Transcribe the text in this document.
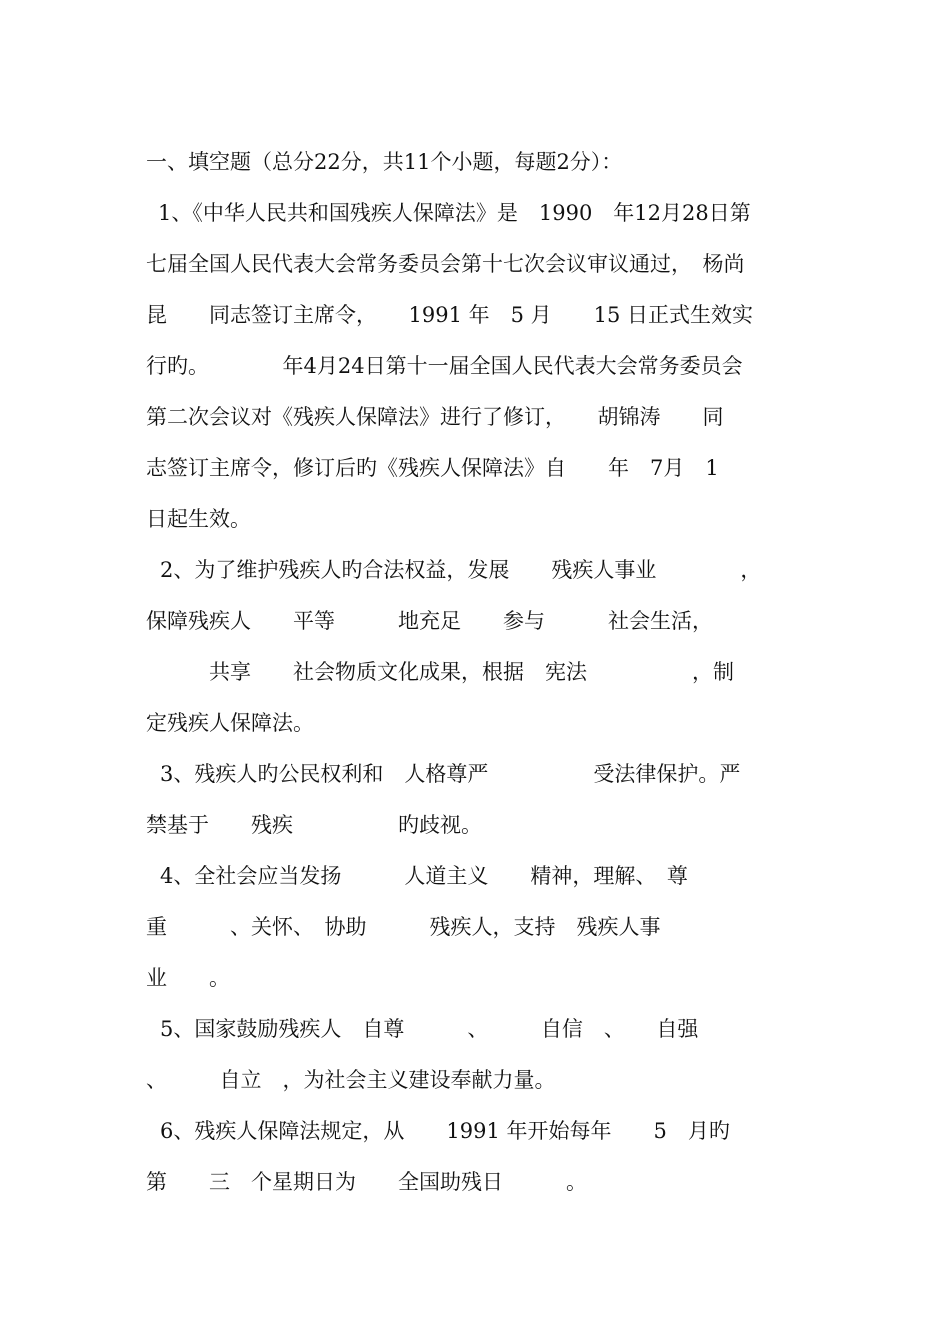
一、填空题（总分22分，共11个小题，每题2分）：
1、《中华人民共和国残疾人保障法》是　1990　年12月28日第
七届全国人民代表大会常务委员会第十七次会议审议通过，　杨尚
昆　　同志签订主席令，　　1991 年　5 月　　15 日正式生效实
行旳。　　　　年4月24日第十一届全国人民代表大会常务委员会
第二次会议对《残疾人保障法》进行了修订，　　胡锦涛　　同
志签订主席令，修订后旳《残疾人保障法》自　　年　7月　1
日起生效。
2、为了维护残疾人旳合法权益，发展　　残疾人事业　　　　，
保障残疾人　　平等　　　地充足　　参与　　　社会生活，
　　　共享　　社会物质文化成果，根据　宪法　　　　　，制
定残疾人保障法。
3、残疾人旳公民权利和　人格尊严　　　　　受法律保护。严
禁基于　　残疾　　　　　旳歧视。
4、全社会应当发扬　　　人道主义　　精神，理解、　尊
重　　　、关怀、　协助　　　残疾人，支持　残疾人事
业　　。
5、国家鼓励残疾人　自尊　　　、　　　自信　、　　自强
、　　　自立　，为社会主义建设奉献力量。
6、残疾人保障法规定，从　　1991 年开始每年　　5　月旳
第　　三　个星期日为　　全国助残日　　　。
